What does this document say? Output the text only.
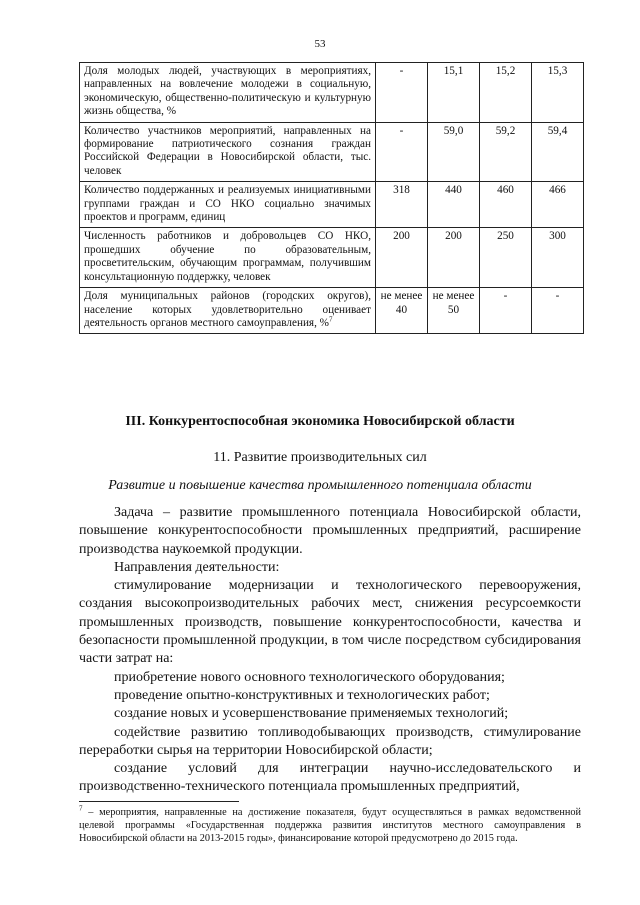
53
Доля молодых людей, участвующих в мероприятиях, направленных на вовлечение молодежи в социальную, экономическую, общественно-политическую и культурную жизнь общества, %	-	15,1	15,2	15,3
Количество участников мероприятий, направленных на формирование патриотического сознания граждан Российской Федерации в Новосибирской области, тыс. человек	-	59,0	59,2	59,4
Количество поддержанных и реализуемых инициативными группами граждан и СО НКО социально значимых проектов и программ, единиц	318	440	460	466
Численность работников и добровольцев СО НКО, прошедших обучение по образовательным, просветительским, обучающим программам, получившим консультационную поддержку, человек	200	200	250	300
Доля муниципальных районов (городских округов), население которых удовлетворительно оценивает деятельность органов местного самоуправления, %$^7$	не менее 40	не менее 50	-	-
III. Конкурентоспособная экономика Новосибирской области
11. Развитие производительных сил
Развитие и повышение качества промышленного потенциала области

Задача – развитие промышленного потенциала Новосибирской области, повышение конкурентоспособности промышленных предприятий, расширение производства наукоемкой продукции.

Направления деятельности:

стимулирование модернизации и технологического перевооружения, создания высокопроизводительных рабочих мест, снижения ресурсоемкости промышленных производств, повышение конкурентоспособности, качества и безопасности промышленной продукции, в том числе посредством субсидирования части затрат на:

приобретение нового основного технологического оборудования;

проведение опытно-конструктивных и технологических работ;

создание новых и усовершенствование применяемых технологий;

содействие развитию топливодобывающих производств, стимулирование переработки сырья на территории Новосибирской области;

создание условий для интеграции научно-исследовательского и производственно-технического потенциала промышленных предприятий,

$^7$ – мероприятия, направленные на достижение показателя, будут осуществляться в рамках ведомственной целевой программы «Государственная поддержка развития институтов местного самоуправления в Новосибирской области на 2013-2015 годы», финансирование которой предусмотрено до 2015 года.
